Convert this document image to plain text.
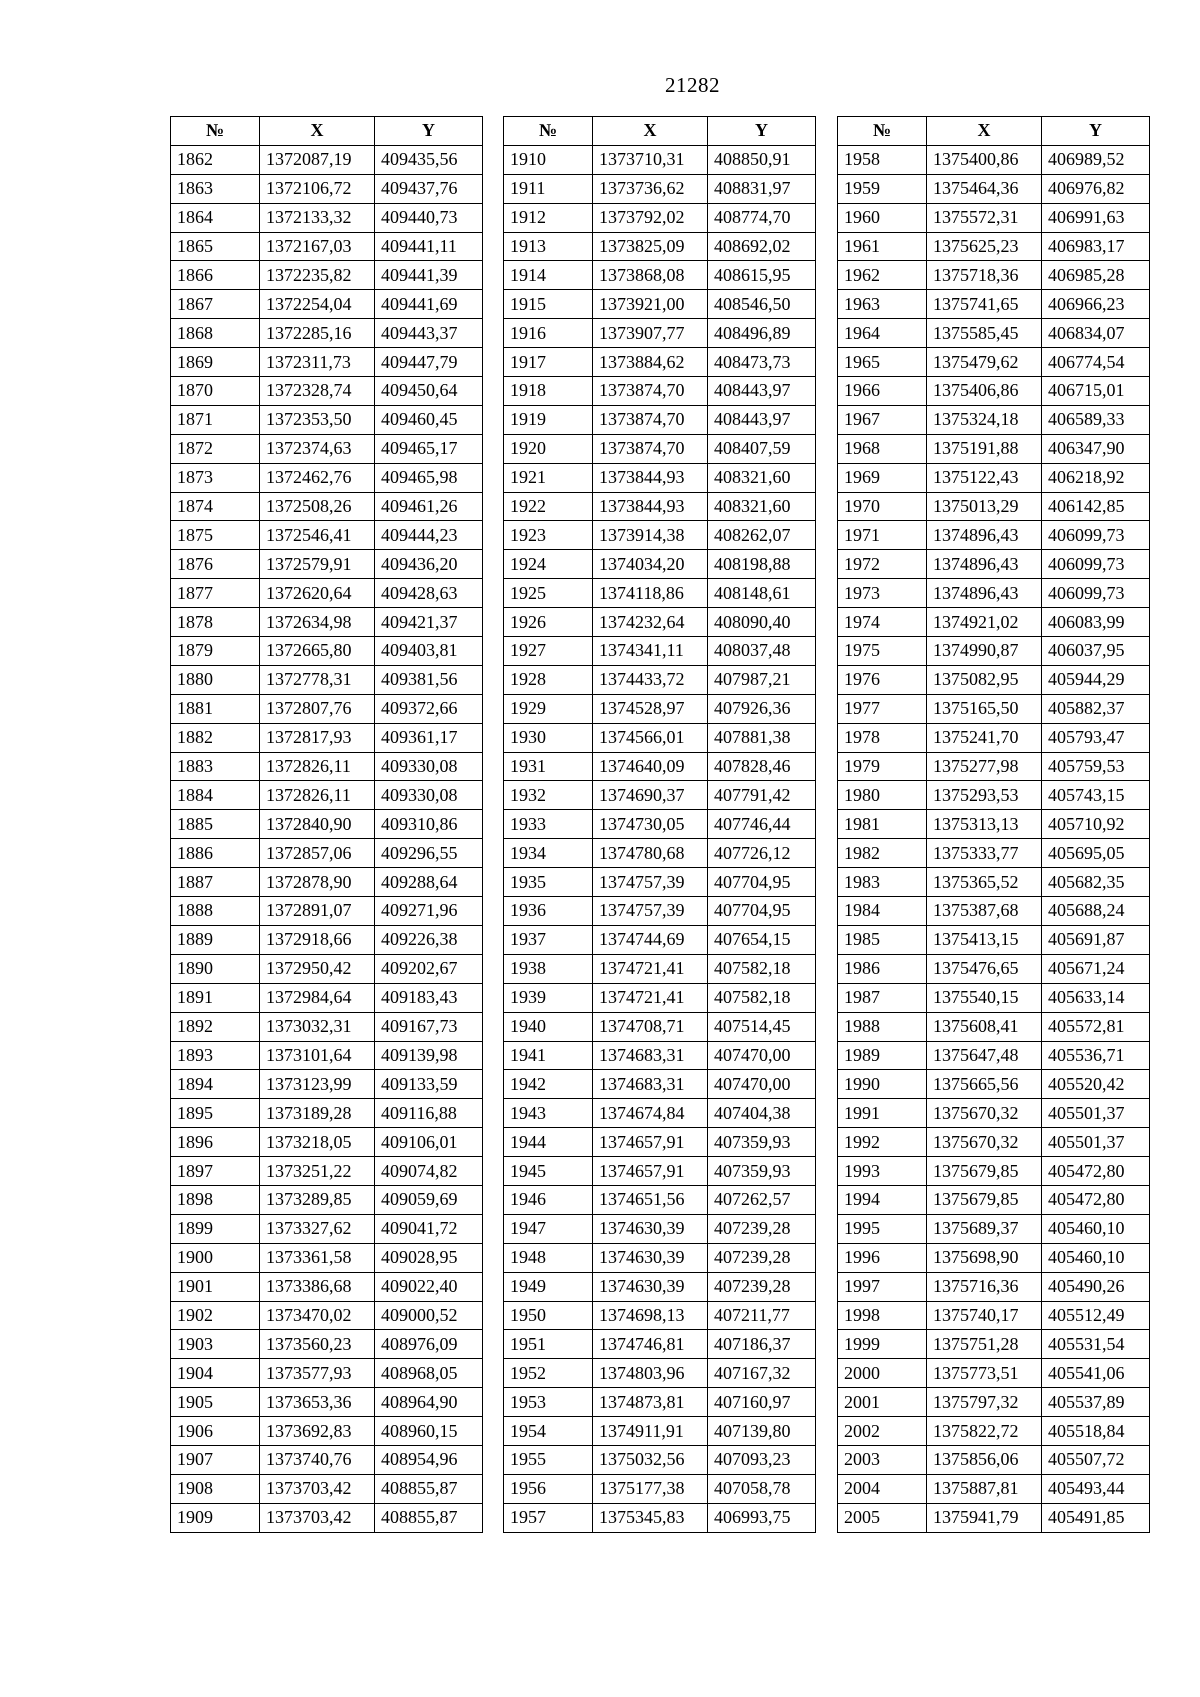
21282
№	X	Y
1862	1372087,19	409435,56
1863	1372106,72	409437,76
1864	1372133,32	409440,73
1865	1372167,03	409441,11
1866	1372235,82	409441,39
1867	1372254,04	409441,69
1868	1372285,16	409443,37
1869	1372311,73	409447,79
1870	1372328,74	409450,64
1871	1372353,50	409460,45
1872	1372374,63	409465,17
1873	1372462,76	409465,98
1874	1372508,26	409461,26
1875	1372546,41	409444,23
1876	1372579,91	409436,20
1877	1372620,64	409428,63
1878	1372634,98	409421,37
1879	1372665,80	409403,81
1880	1372778,31	409381,56
1881	1372807,76	409372,66
1882	1372817,93	409361,17
1883	1372826,11	409330,08
1884	1372826,11	409330,08
1885	1372840,90	409310,86
1886	1372857,06	409296,55
1887	1372878,90	409288,64
1888	1372891,07	409271,96
1889	1372918,66	409226,38
1890	1372950,42	409202,67
1891	1372984,64	409183,43
1892	1373032,31	409167,73
1893	1373101,64	409139,98
1894	1373123,99	409133,59
1895	1373189,28	409116,88
1896	1373218,05	409106,01
1897	1373251,22	409074,82
1898	1373289,85	409059,69
1899	1373327,62	409041,72
1900	1373361,58	409028,95
1901	1373386,68	409022,40
1902	1373470,02	409000,52
1903	1373560,23	408976,09
1904	1373577,93	408968,05
1905	1373653,36	408964,90
1906	1373692,83	408960,15
1907	1373740,76	408954,96
1908	1373703,42	408855,87
1909	1373703,42	408855,87
№	X	Y
1910	1373710,31	408850,91
1911	1373736,62	408831,97
1912	1373792,02	408774,70
1913	1373825,09	408692,02
1914	1373868,08	408615,95
1915	1373921,00	408546,50
1916	1373907,77	408496,89
1917	1373884,62	408473,73
1918	1373874,70	408443,97
1919	1373874,70	408443,97
1920	1373874,70	408407,59
1921	1373844,93	408321,60
1922	1373844,93	408321,60
1923	1373914,38	408262,07
1924	1374034,20	408198,88
1925	1374118,86	408148,61
1926	1374232,64	408090,40
1927	1374341,11	408037,48
1928	1374433,72	407987,21
1929	1374528,97	407926,36
1930	1374566,01	407881,38
1931	1374640,09	407828,46
1932	1374690,37	407791,42
1933	1374730,05	407746,44
1934	1374780,68	407726,12
1935	1374757,39	407704,95
1936	1374757,39	407704,95
1937	1374744,69	407654,15
1938	1374721,41	407582,18
1939	1374721,41	407582,18
1940	1374708,71	407514,45
1941	1374683,31	407470,00
1942	1374683,31	407470,00
1943	1374674,84	407404,38
1944	1374657,91	407359,93
1945	1374657,91	407359,93
1946	1374651,56	407262,57
1947	1374630,39	407239,28
1948	1374630,39	407239,28
1949	1374630,39	407239,28
1950	1374698,13	407211,77
1951	1374746,81	407186,37
1952	1374803,96	407167,32
1953	1374873,81	407160,97
1954	1374911,91	407139,80
1955	1375032,56	407093,23
1956	1375177,38	407058,78
1957	1375345,83	406993,75
№	X	Y
1958	1375400,86	406989,52
1959	1375464,36	406976,82
1960	1375572,31	406991,63
1961	1375625,23	406983,17
1962	1375718,36	406985,28
1963	1375741,65	406966,23
1964	1375585,45	406834,07
1965	1375479,62	406774,54
1966	1375406,86	406715,01
1967	1375324,18	406589,33
1968	1375191,88	406347,90
1969	1375122,43	406218,92
1970	1375013,29	406142,85
1971	1374896,43	406099,73
1972	1374896,43	406099,73
1973	1374896,43	406099,73
1974	1374921,02	406083,99
1975	1374990,87	406037,95
1976	1375082,95	405944,29
1977	1375165,50	405882,37
1978	1375241,70	405793,47
1979	1375277,98	405759,53
1980	1375293,53	405743,15
1981	1375313,13	405710,92
1982	1375333,77	405695,05
1983	1375365,52	405682,35
1984	1375387,68	405688,24
1985	1375413,15	405691,87
1986	1375476,65	405671,24
1987	1375540,15	405633,14
1988	1375608,41	405572,81
1989	1375647,48	405536,71
1990	1375665,56	405520,42
1991	1375670,32	405501,37
1992	1375670,32	405501,37
1993	1375679,85	405472,80
1994	1375679,85	405472,80
1995	1375689,37	405460,10
1996	1375698,90	405460,10
1997	1375716,36	405490,26
1998	1375740,17	405512,49
1999	1375751,28	405531,54
2000	1375773,51	405541,06
2001	1375797,32	405537,89
2002	1375822,72	405518,84
2003	1375856,06	405507,72
2004	1375887,81	405493,44
2005	1375941,79	405491,85
